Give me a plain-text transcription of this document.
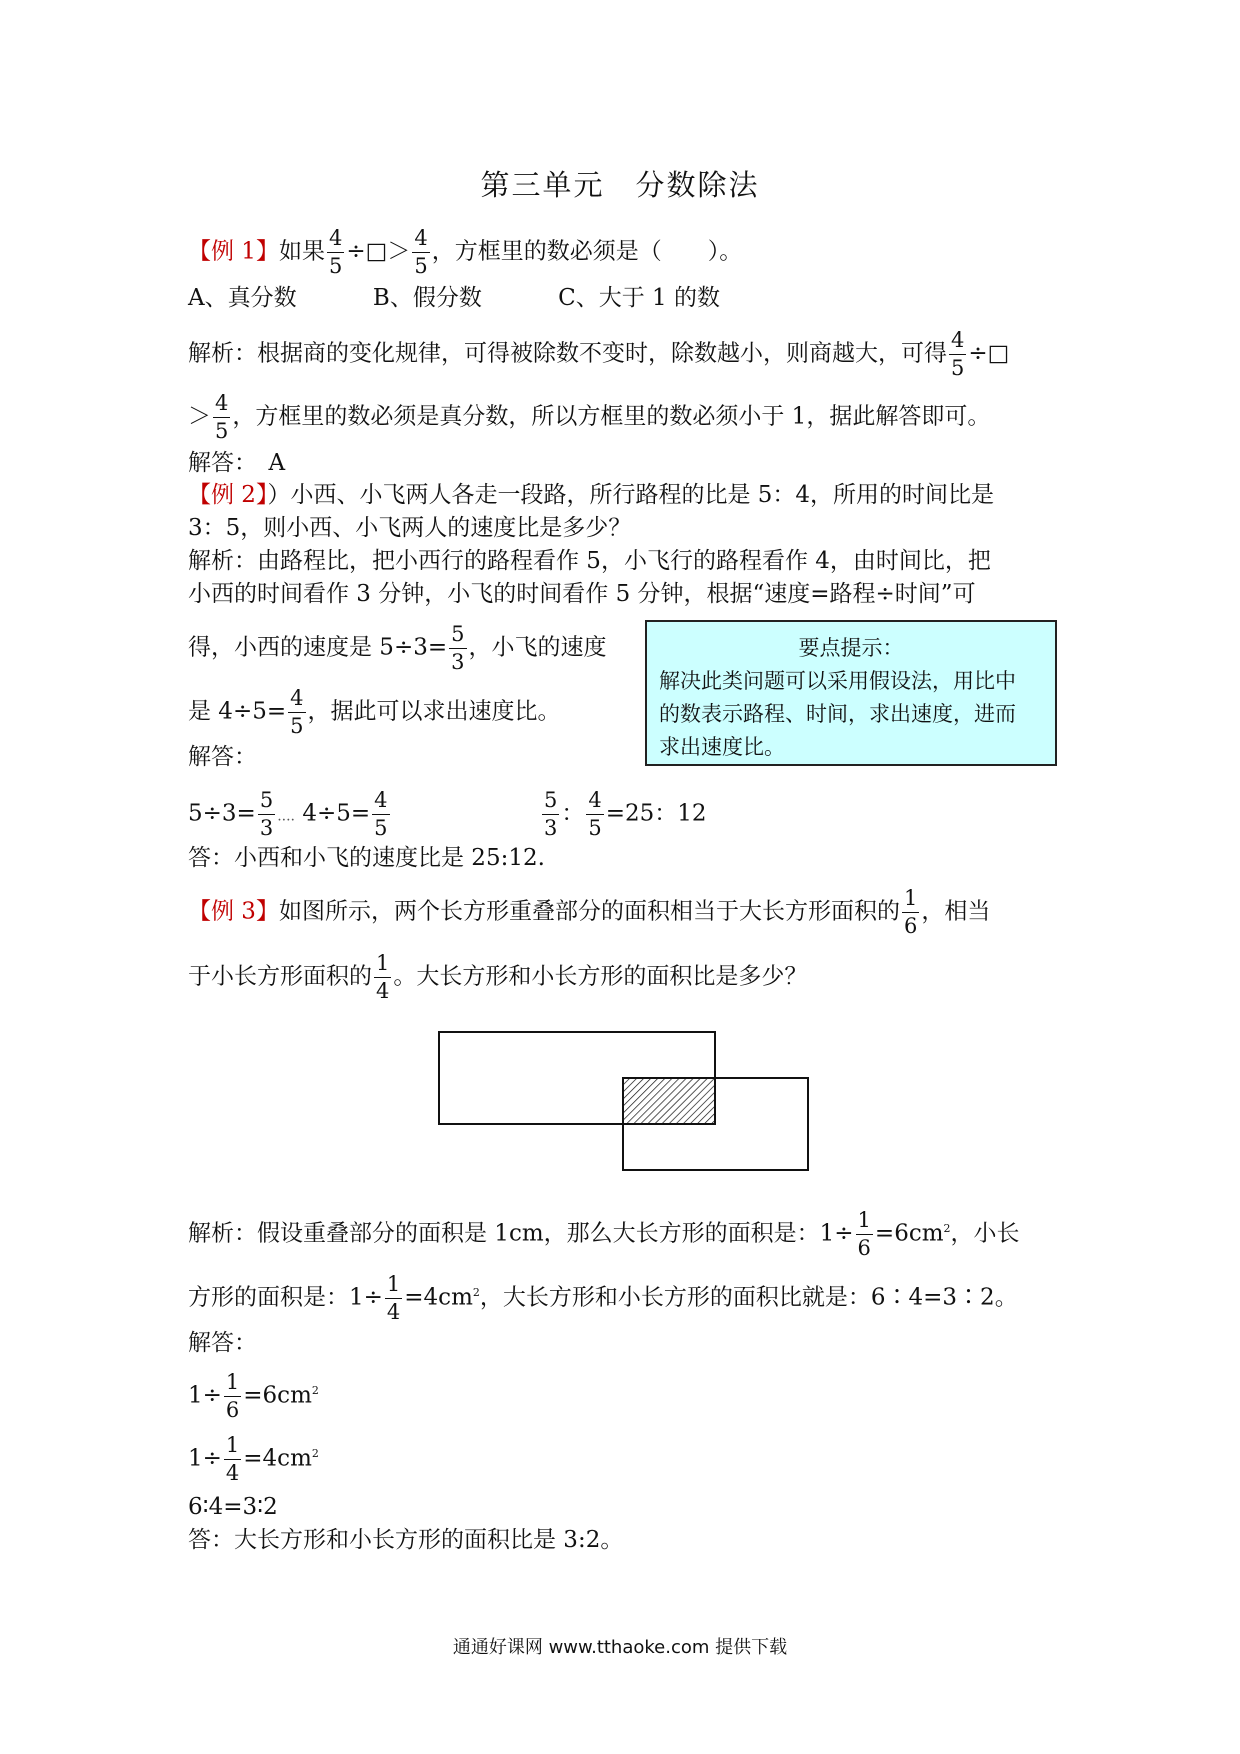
第三单元　分数除法
【例 1】如果 $\frac{4}{5}$ ÷□＞ $\frac{4}{5}$ ，方框里的数必须是（　　）。
A、真分数　　　 B、假分数　　　 C、大于 1 的数
解析：根据商的变化规律，可得被除数不变时，除数越小，则商越大，可得 $\frac{4}{5}$ ÷□
＞ $\frac{4}{5}$ ，方框里的数必须是真分数，所以方框里的数必须小于 1，据此解答即可。
解答：　A
【例 2】）小西、小飞两人各走一段路，所行路程的比是 5：4，所用的时间比是
3：5，则小西、小飞两人的速度比是多少？
解析：由路程比，把小西行的路程看作 5，小飞行的路程看作 4，由时间比，把
小西的时间看作 3 分钟，小飞的时间看作 5 分钟，根据“速度=路程÷时间”可
得，小西的速度是 $5\div 3= \frac{5}{3}$ ，小飞的速度
是 $4\div 5= \frac{4}{5}$ ，据此可以求出速度比。
要点提示：
解决此类问题可以采用假设法，用比中
的数表示路程、时间，求出速度，进而
求出速度比。
解答：
$5\div 3= \frac{5}{3}$ .... $4\div 5= \frac{4}{5}$	$\frac{5}{3}$ ： $\frac{4}{5} =25$：12
答：小西和小飞的速度比是 25:12.
【例 3】如图所示，两个长方形重叠部分的面积相当于大长方形面积的 $\frac{1}{6}$ ，相当
于小长方形面积的 $\frac{1}{4}$ 。大长方形和小长方形的面积比是多少？
解析：假设重叠部分的面积是 1cm，那么大长方形的面积是：$1\div \frac{1}{6} =6cm^2$，小长
方形的面积是：$1\div \frac{1}{4} =4cm^2$，大长方形和小长方形的面积比就是：6∶4=3∶2。
解答：
$1\div \frac{1}{6} =6cm^2$
$1\div \frac{1}{4} =4cm^2$
6∶4=3∶2
答：大长方形和小长方形的面积比是 3:2。
通通好课网 www.tthaoke.com 提供下载
